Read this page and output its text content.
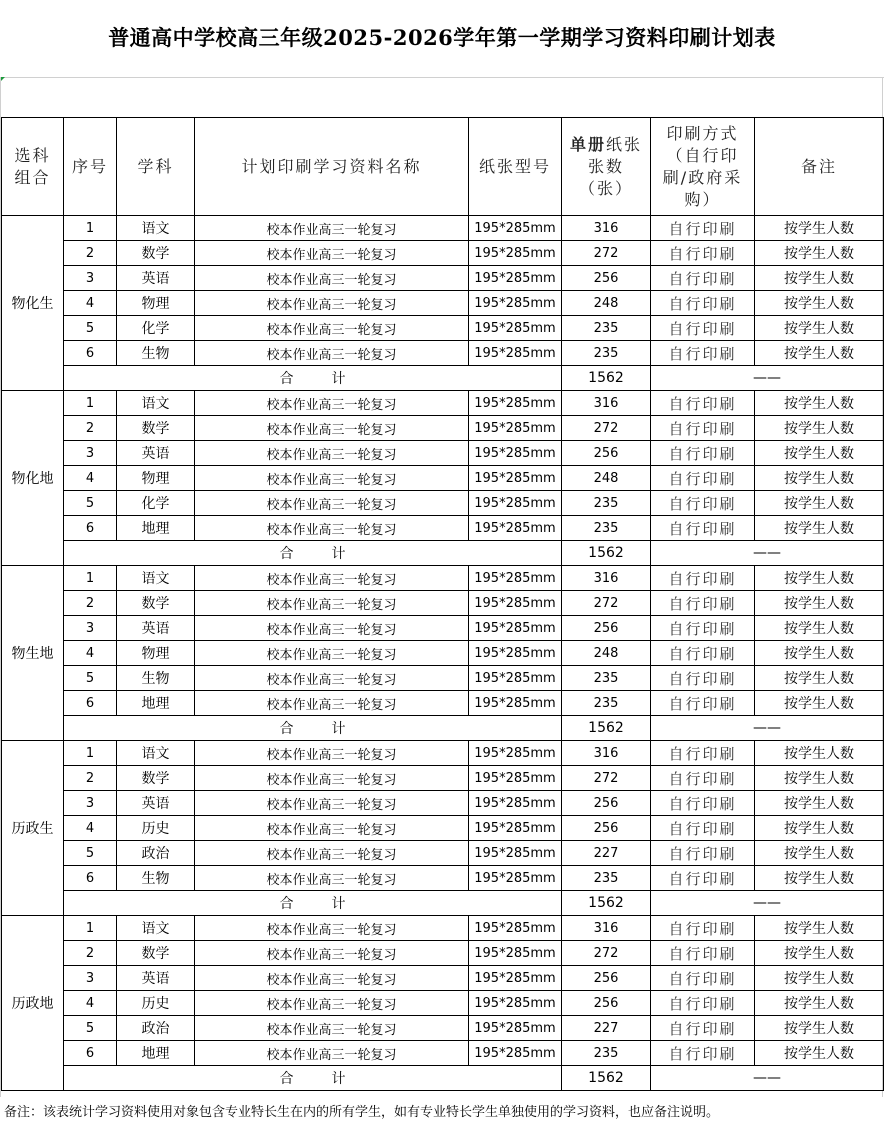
普通高中学校高三年级2025-2026学年第一学期学习资料印刷计划表
选科组合	序号	学科	计划印刷学习资料名称	纸张型号	单册纸张张数（张）	印刷方式（自行印刷/政府采购）	备注
物化生	1	语文	校本作业高三一轮复习	195*285mm	316	自行印刷	按学生人数
	2	数学	校本作业高三一轮复习	195*285mm	272	自行印刷	按学生人数
	3	英语	校本作业高三一轮复习	195*285mm	256	自行印刷	按学生人数
	4	物理	校本作业高三一轮复习	195*285mm	248	自行印刷	按学生人数
	5	化学	校本作业高三一轮复习	195*285mm	235	自行印刷	按学生人数
	6	生物	校本作业高三一轮复习	195*285mm	235	自行印刷	按学生人数
	合 计				1562	——	
物化地	1	语文	校本作业高三一轮复习	195*285mm	316	自行印刷	按学生人数
	2	数学	校本作业高三一轮复习	195*285mm	272	自行印刷	按学生人数
	3	英语	校本作业高三一轮复习	195*285mm	256	自行印刷	按学生人数
	4	物理	校本作业高三一轮复习	195*285mm	248	自行印刷	按学生人数
	5	化学	校本作业高三一轮复习	195*285mm	235	自行印刷	按学生人数
	6	地理	校本作业高三一轮复习	195*285mm	235	自行印刷	按学生人数
	合 计				1562	——	
物生地	1	语文	校本作业高三一轮复习	195*285mm	316	自行印刷	按学生人数
	2	数学	校本作业高三一轮复习	195*285mm	272	自行印刷	按学生人数
	3	英语	校本作业高三一轮复习	195*285mm	256	自行印刷	按学生人数
	4	物理	校本作业高三一轮复习	195*285mm	248	自行印刷	按学生人数
	5	生物	校本作业高三一轮复习	195*285mm	235	自行印刷	按学生人数
	6	地理	校本作业高三一轮复习	195*285mm	235	自行印刷	按学生人数
	合 计				1562	——	
历政生	1	语文	校本作业高三一轮复习	195*285mm	316	自行印刷	按学生人数
	2	数学	校本作业高三一轮复习	195*285mm	272	自行印刷	按学生人数
	3	英语	校本作业高三一轮复习	195*285mm	256	自行印刷	按学生人数
	4	历史	校本作业高三一轮复习	195*285mm	256	自行印刷	按学生人数
	5	政治	校本作业高三一轮复习	195*285mm	227	自行印刷	按学生人数
	6	生物	校本作业高三一轮复习	195*285mm	235	自行印刷	按学生人数
	合 计				1562	——	
历政地	1	语文	校本作业高三一轮复习	195*285mm	316	自行印刷	按学生人数
	2	数学	校本作业高三一轮复习	195*285mm	272	自行印刷	按学生人数
	3	英语	校本作业高三一轮复习	195*285mm	256	自行印刷	按学生人数
	4	历史	校本作业高三一轮复习	195*285mm	256	自行印刷	按学生人数
	5	政治	校本作业高三一轮复习	195*285mm	227	自行印刷	按学生人数
	6	地理	校本作业高三一轮复习	195*285mm	235	自行印刷	按学生人数
	合 计				1562	——	
备注：该表统计学习资料使用对象包含专业特长生在内的所有学生，如有专业特长学生单独使用的学习资料，也应备注说明。
